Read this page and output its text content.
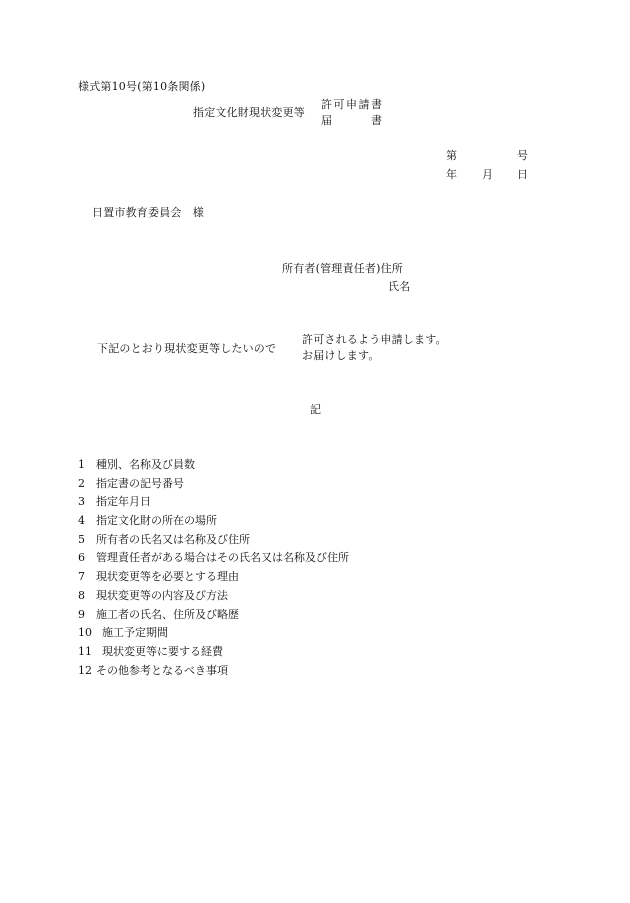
様式第10号(第10条関係)
指定文化財現状変更等
許可申請書
届	書
第	号
年 月 日
日置市教育委員会　様
所有者(管理責任者)住所
氏名
下記のとおり現状変更等したいので
許可されるよう申請します。
お届けします。
記
1 種別、名称及び員数
2 指定書の記号番号
3 指定年月日
4 指定文化財の所在の場所
5 所有者の氏名又は名称及び住所
6 管理責任者がある場合はその氏名又は名称及び住所
7 現状変更等を必要とする理由
8 現状変更等の内容及び方法
9 施工者の氏名、住所及び略歴
10 施工予定期間
11 現状変更等に要する経費
12 その他参考となるべき事項
